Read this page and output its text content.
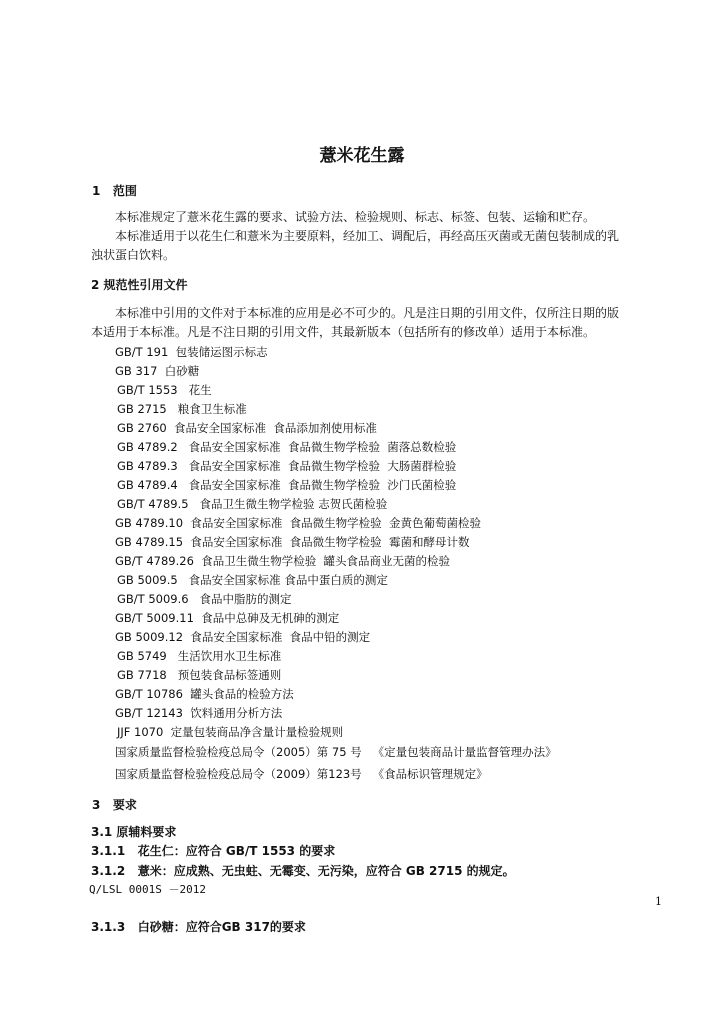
薏米花生露
1   范围
本标准规定了薏米花生露的要求、试验方法、检验规则、标志、标签、包装、运输和贮存。
本标准适用于以花生仁和薏米为主要原料，经加工、调配后，再经高压灭菌或无菌包装制成的乳
浊状蛋白饮料。
2 规范性引用文件
本标准中引用的文件对于本标准的应用是必不可少的。凡是注日期的引用文件，仅所注日期的版
本适用于本标准。凡是不注日期的引用文件，其最新版本（包括所有的修改单）适用于本标准。
GB/T 191  包装储运图示标志
GB 317  白砂糖
GB/T 1553   花生
GB 2715   粮食卫生标准
GB 2760  食品安全国家标准  食品添加剂使用标准
GB 4789.2   食品安全国家标准  食品微生物学检验  菌落总数检验
GB 4789.3   食品安全国家标准  食品微生物学检验  大肠菌群检验
GB 4789.4   食品安全国家标准  食品微生物学检验  沙门氏菌检验
GB/T 4789.5   食品卫生微生物学检验 志贺氏菌检验
GB 4789.10  食品安全国家标准  食品微生物学检验  金黄色葡萄菌检验
GB 4789.15  食品安全国家标准  食品微生物学检验  霉菌和酵母计数
GB/T 4789.26  食品卫生微生物学检验  罐头食品商业无菌的检验
GB 5009.5   食品安全国家标准 食品中蛋白质的测定
GB/T 5009.6   食品中脂肪的测定
GB/T 5009.11  食品中总砷及无机砷的测定
GB 5009.12  食品安全国家标准  食品中铅的测定
GB 5749   生活饮用水卫生标准
GB 7718   预包装食品标签通则
GB/T 10786  罐头食品的检验方法
GB/T 12143  饮料通用分析方法
JJF 1070  定量包装商品净含量计量检验规则
国家质量监督检验检疫总局令（2005）第 75 号   《定量包装商品计量监督管理办法》
国家质量监督检验检疫总局令（2009）第123号   《食品标识管理规定》
3   要求
3.1 原辅料要求
3.1.1   花生仁：应符合 GB/T 1553 的要求
3.1.2   薏米：应成熟、无虫蛀、无霉变、无污染，应符合 GB 2715 的规定。
Q/LSL 0001S －2012
1
3.1.3   白砂糖：应符合GB 317的要求
